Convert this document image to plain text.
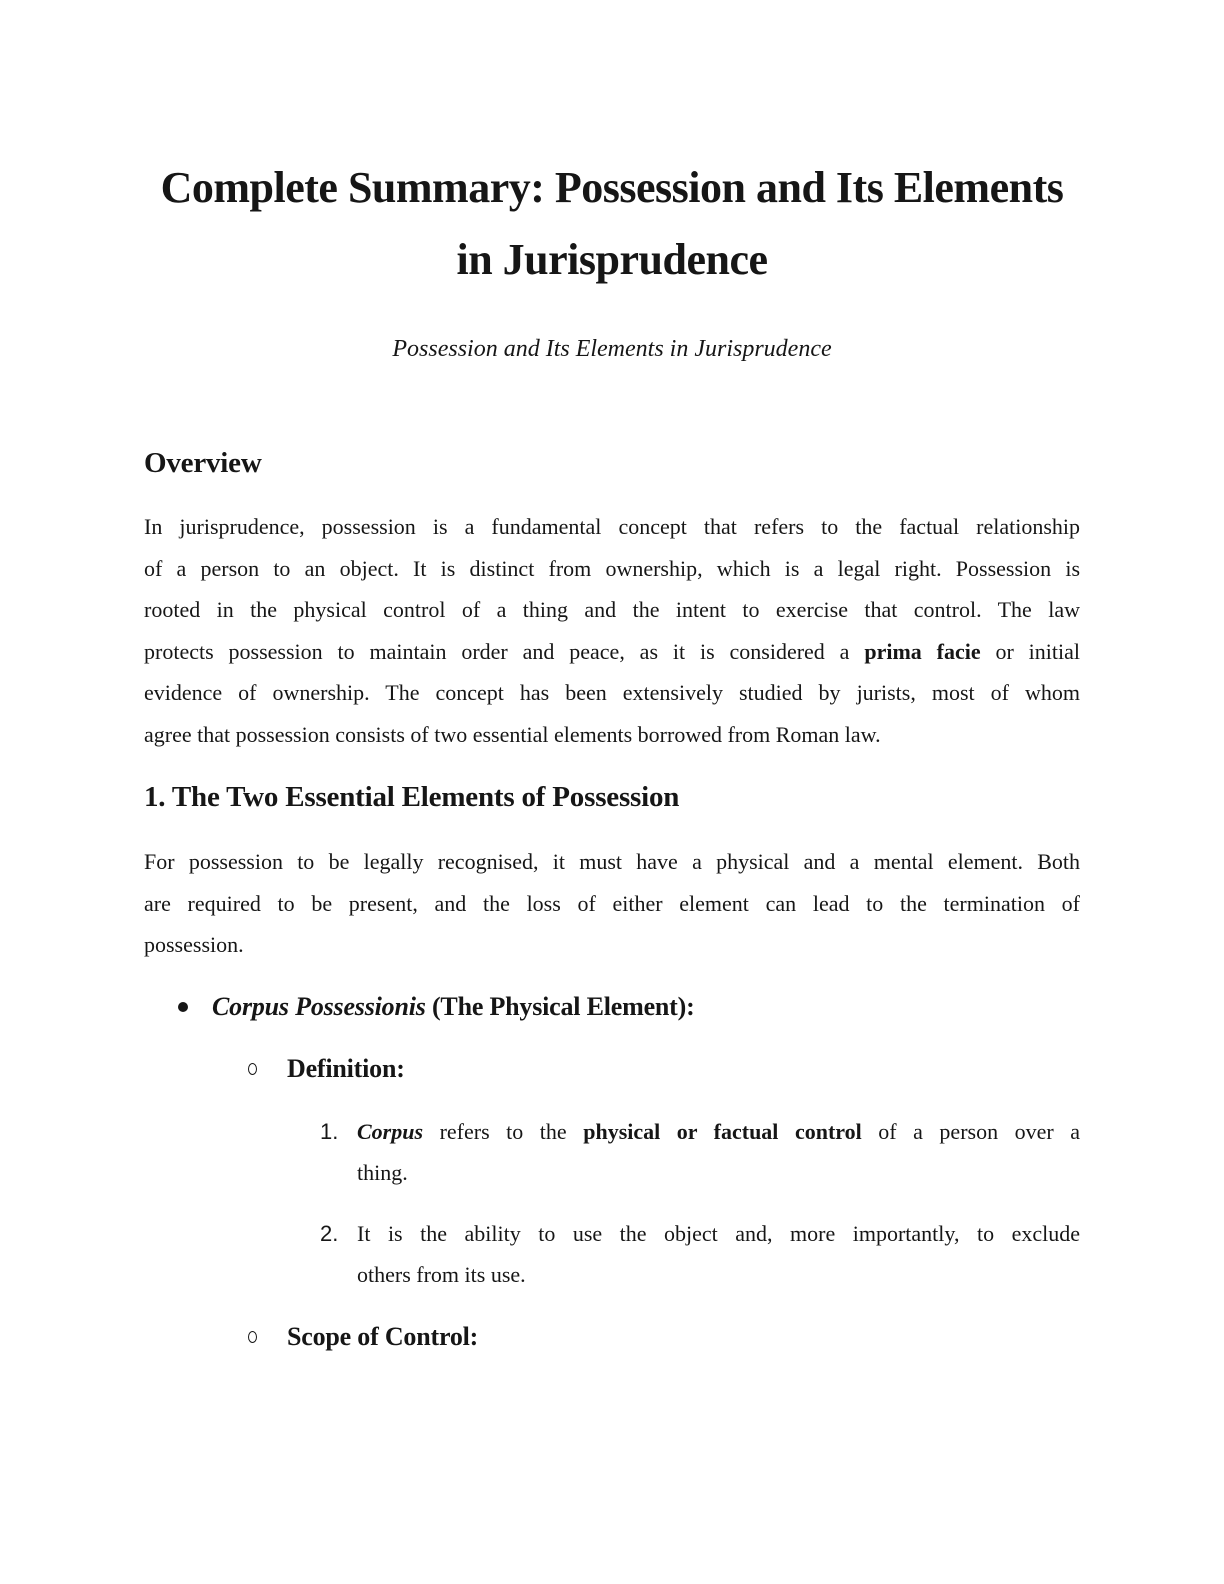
Complete Summary: Possession and Its Elements
in Jurisprudence

Possession and Its Elements in Jurisprudence

Overview
In jurisprudence, possession is a fundamental concept that refers to the factual relationship
of a person to an object. It is distinct from ownership, which is a legal right. Possession is
rooted in the physical control of a thing and the intent to exercise that control. The law
protects possession to maintain order and peace, as it is considered a prima facie or initial
evidence of ownership. The concept has been extensively studied by jurists, most of whom
agree that possession consists of two essential elements borrowed from Roman law.
1. The Two Essential Elements of Possession
For possession to be legally recognised, it must have a physical and a mental element. Both
are required to be present, and the loss of either element can lead to the termination of
possession.
Corpus Possessionis (The Physical Element):
Definition:
1. Corpus refers to the physical or factual control of a person over a
thing.
2. It is the ability to use the object and, more importantly, to exclude
others from its use.
Scope of Control:
